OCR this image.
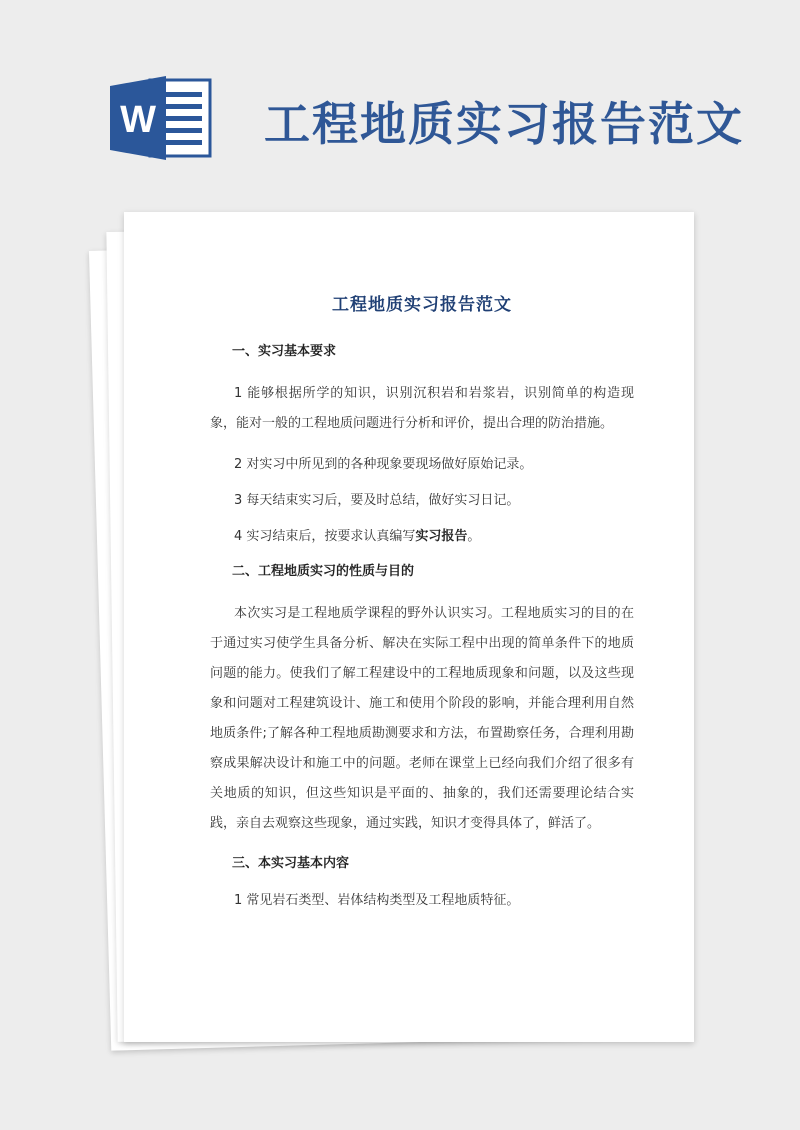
W 工程地质实习报告范文
工程地质实习报告范文
一、实习基本要求
1 能够根据所学的知识，识别沉积岩和岩浆岩，识别简单的构造现象，能对一般的工程地质问题进行分析和评价，提出合理的防治措施。
2 对实习中所见到的各种现象要现场做好原始记录。
3 每天结束实习后，要及时总结，做好实习日记。
4 实习结束后，按要求认真编写实习报告。
二、工程地质实习的性质与目的
本次实习是工程地质学课程的野外认识实习。工程地质实习的目的在于通过实习使学生具备分析、解决在实际工程中出现的简单条件下的地质问题的能力。使我们了解工程建设中的工程地质现象和问题，以及这些现象和问题对工程建筑设计、施工和使用个阶段的影响，并能合理利用自然地质条件;了解各种工程地质勘测要求和方法，布置勘察任务，合理利用勘察成果解决设计和施工中的问题。老师在课堂上已经向我们介绍了很多有关地质的知识，但这些知识是平面的、抽象的，我们还需要理论结合实践，亲自去观察这些现象，通过实践，知识才变得具体了，鲜活了。
三、本实习基本内容
1 常见岩石类型、岩体结构类型及工程地质特征。
